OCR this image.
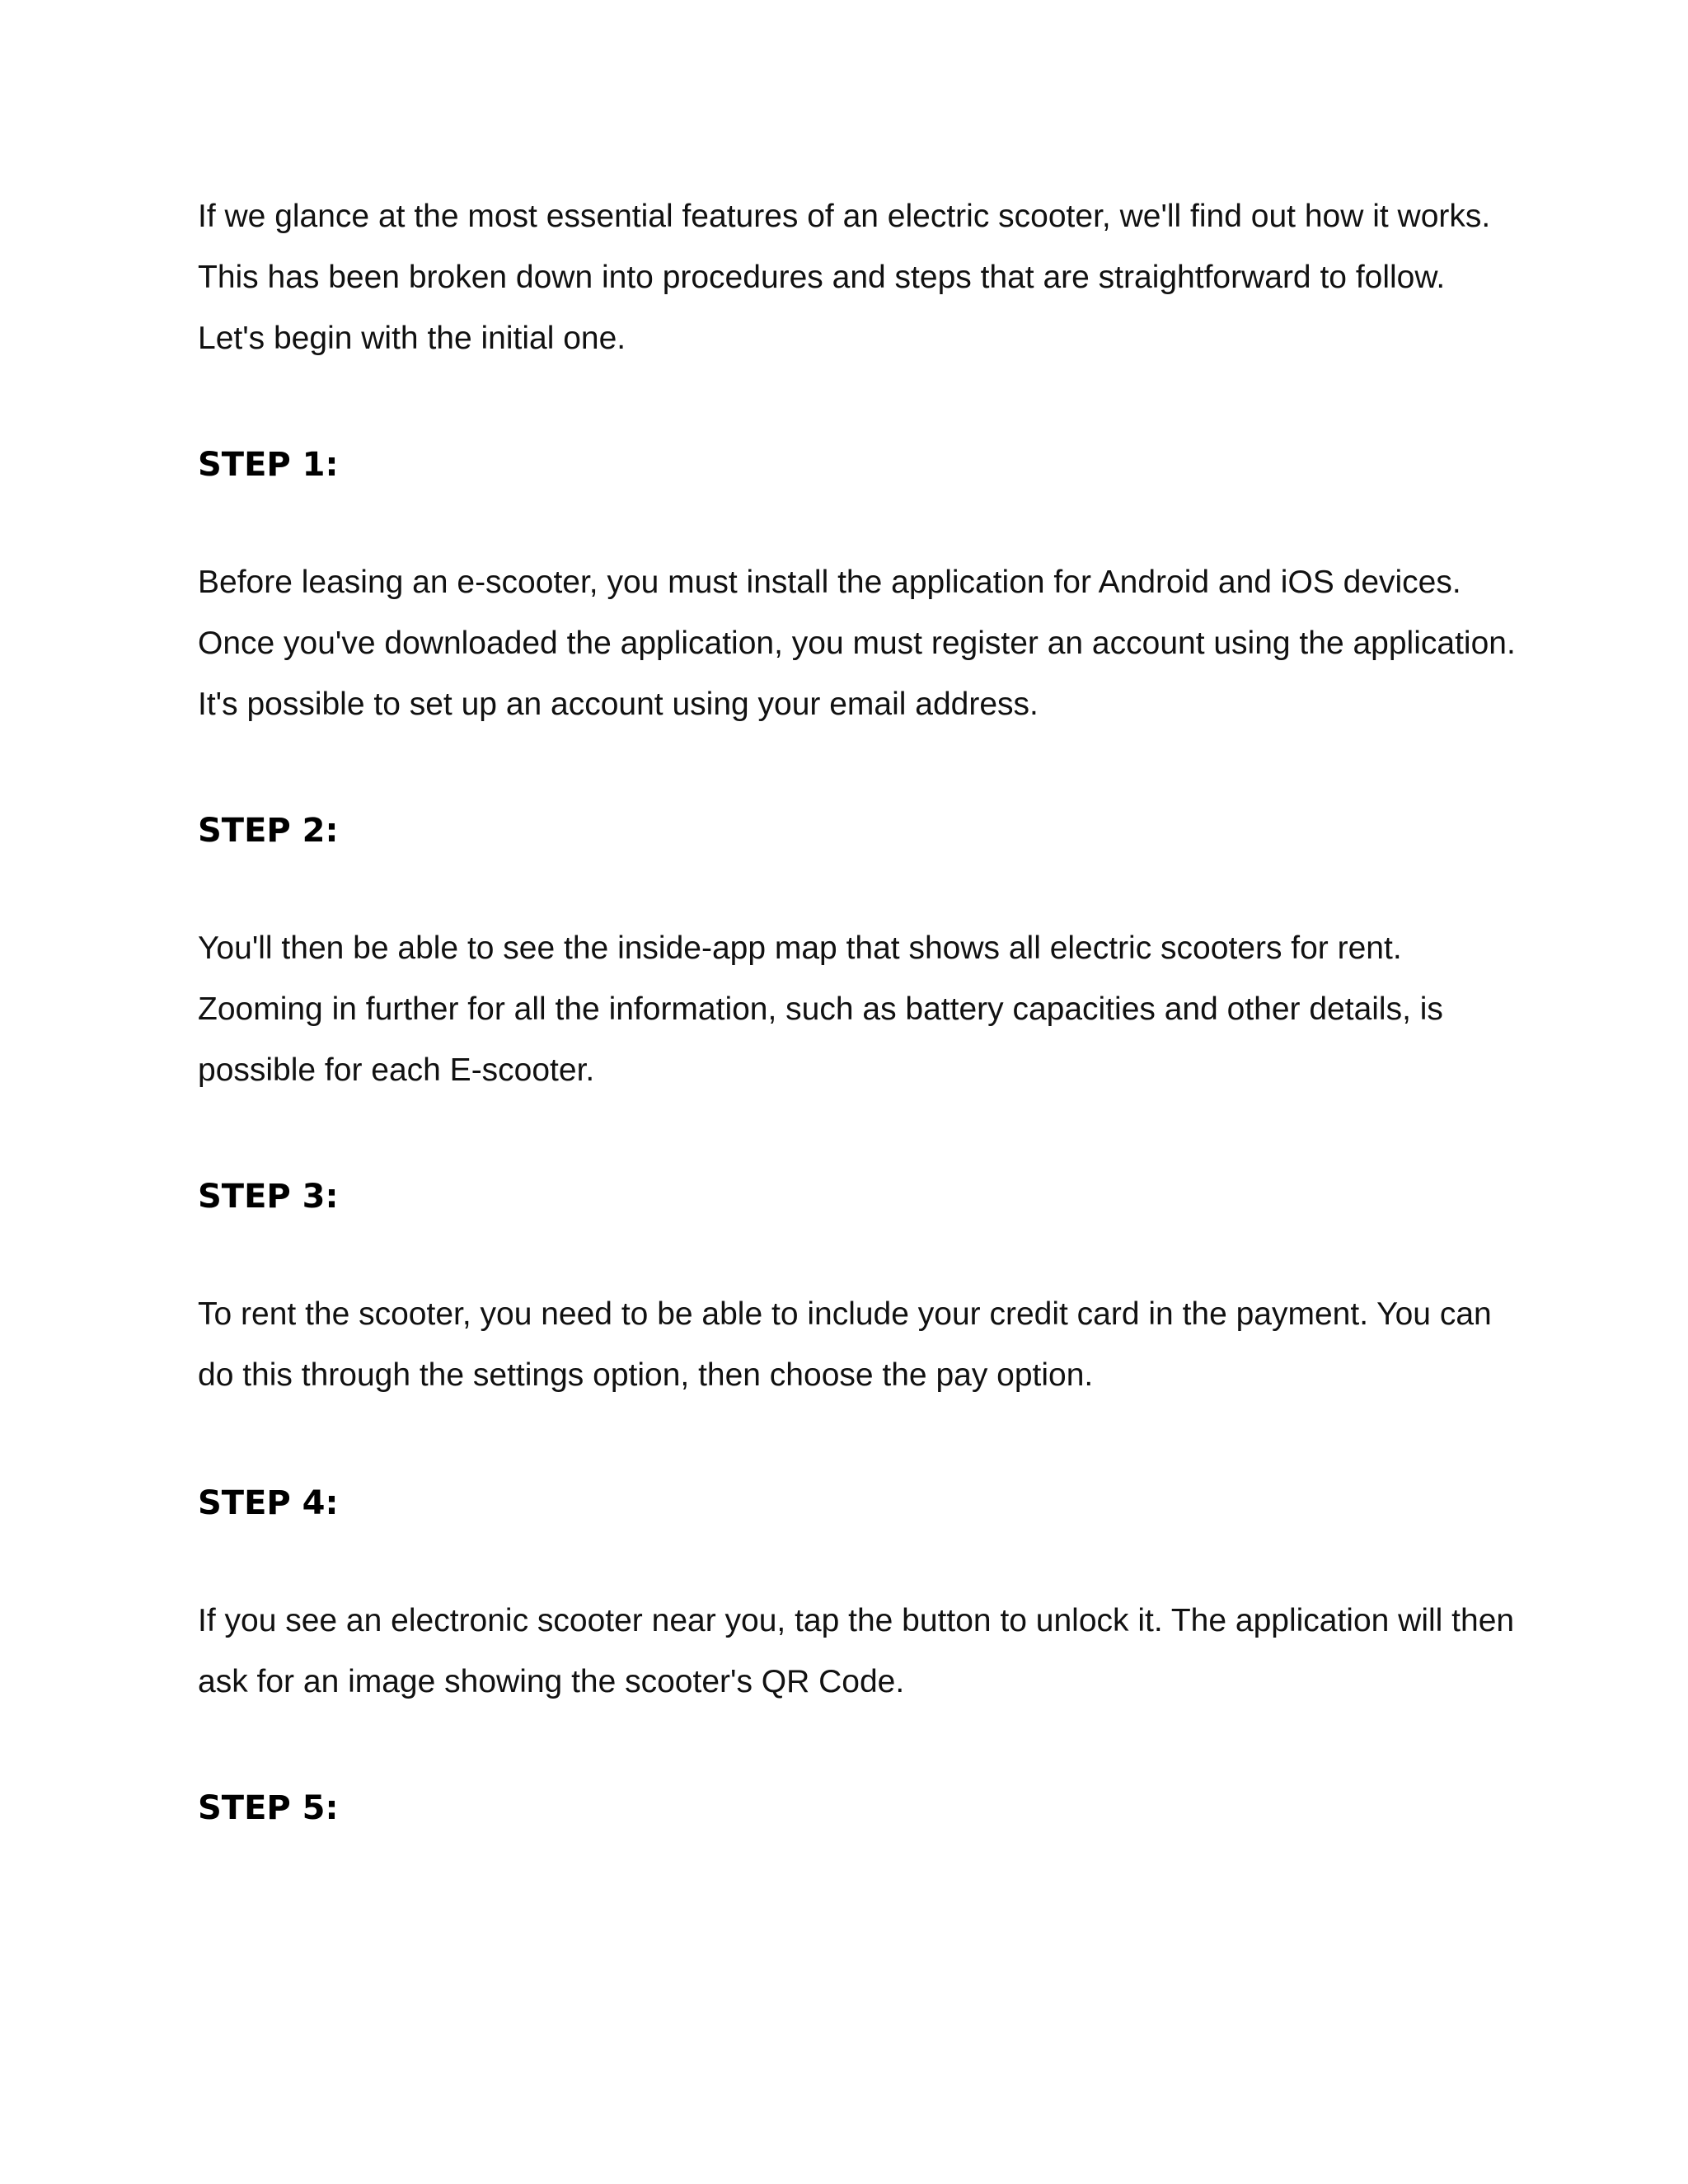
If we glance at the most essential features of an electric scooter, we'll find out how it works. This has been broken down into procedures and steps that are straightforward to follow. Let's begin with the initial one.

STEP 1:

Before leasing an e-scooter, you must install the application for Android and iOS devices. Once you've downloaded the application, you must register an account using the application. It's possible to set up an account using your email address.

STEP 2:

You'll then be able to see the inside-app map that shows all electric scooters for rent. Zooming in further for all the information, such as battery capacities and other details, is possible for each E-scooter.

STEP 3:

To rent the scooter, you need to be able to include your credit card in the payment. You can do this through the settings option, then choose the pay option.

STEP 4:

If you see an electronic scooter near you, tap the button to unlock it. The application will then ask for an image showing the scooter's QR Code.

STEP 5:
